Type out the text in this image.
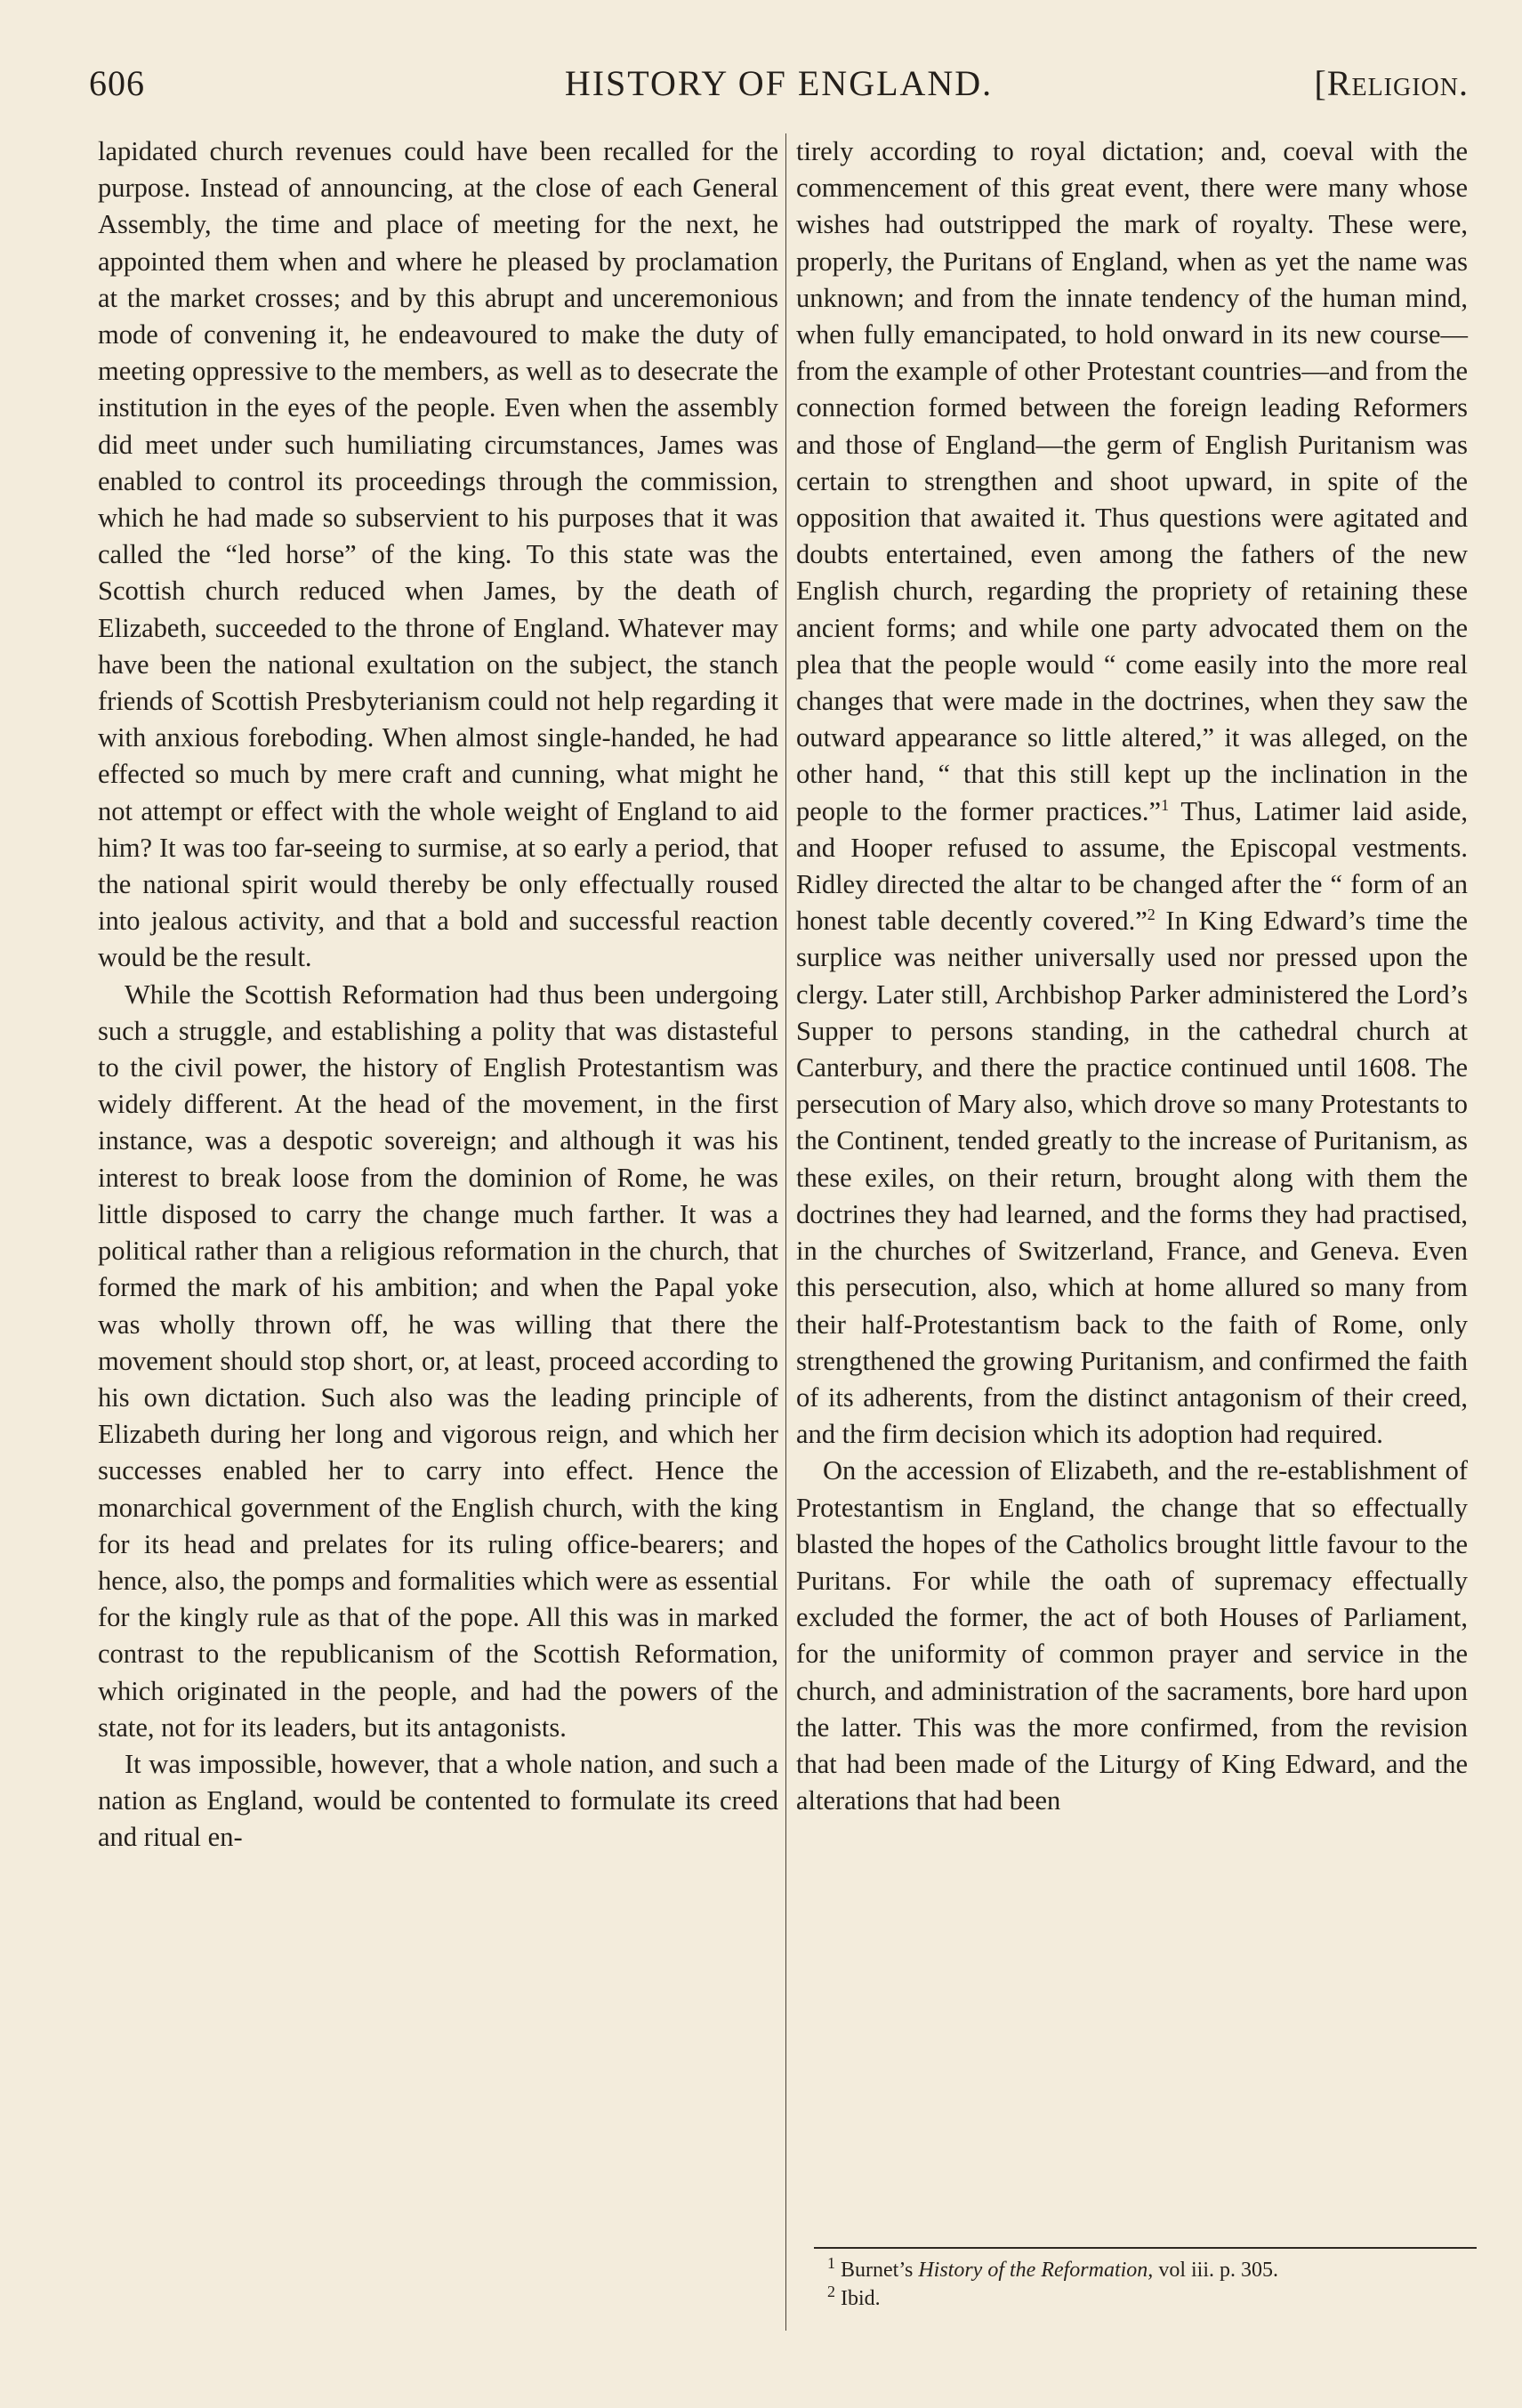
606	HISTORY OF ENGLAND.	[Religion.

lapidated church revenues could have been recalled for the purpose. Instead of announcing, at the close of each General Assembly, the time and place of meeting for the next, he appointed them when and where he pleased by proclamation at the market crosses; and by this abrupt and unceremonious mode of convening it, he endeavoured to make the duty of meeting oppressive to the members, as well as to desecrate the institution in the eyes of the people. Even when the assembly did meet under such humiliating circumstances, James was enabled to control its proceedings through the commission, which he had made so subservient to his purposes that it was called the “led horse” of the king. To this state was the Scottish church reduced when James, by the death of Elizabeth, succeeded to the throne of England. Whatever may have been the national exultation on the subject, the stanch friends of Scottish Presbyterianism could not help regarding it with anxious foreboding. When almost single-handed, he had effected so much by mere craft and cunning, what might he not attempt or effect with the whole weight of England to aid him? It was too far-seeing to surmise, at so early a period, that the national spirit would thereby be only effectually roused into jealous activity, and that a bold and successful reaction would be the result.

While the Scottish Reformation had thus been undergoing such a struggle, and establishing a polity that was distasteful to the civil power, the history of English Protestantism was widely different. At the head of the movement, in the first instance, was a despotic sovereign; and although it was his interest to break loose from the dominion of Rome, he was little disposed to carry the change much farther. It was a political rather than a religious reformation in the church, that formed the mark of his ambition; and when the Papal yoke was wholly thrown off, he was willing that there the movement should stop short, or, at least, proceed according to his own dictation. Such also was the leading principle of Elizabeth during her long and vigorous reign, and which her successes enabled her to carry into effect. Hence the monarchical government of the English church, with the king for its head and prelates for its ruling office-bearers; and hence, also, the pomps and formalities which were as essential for the kingly rule as that of the pope. All this was in marked contrast to the republicanism of the Scottish Reformation, which originated in the people, and had the powers of the state, not for its leaders, but its antagonists.

It was impossible, however, that a whole nation, and such a nation as England, would be contented to formulate its creed and ritual en-

tirely according to royal dictation; and, coeval with the commencement of this great event, there were many whose wishes had outstripped the mark of royalty. These were, properly, the Puritans of England, when as yet the name was unknown; and from the innate tendency of the human mind, when fully emancipated, to hold onward in its new course—from the example of other Protestant countries—and from the connection formed between the foreign leading Reformers and those of England—the germ of English Puritanism was certain to strengthen and shoot upward, in spite of the opposition that awaited it. Thus questions were agitated and doubts entertained, even among the fathers of the new English church, regarding the propriety of retaining these ancient forms; and while one party advocated them on the plea that the people would “ come easily into the more real changes that were made in the doctrines, when they saw the outward appearance so little altered,” it was alleged, on the other hand, “ that this still kept up the inclination in the people to the former practices.”$^1$ Thus, Latimer laid aside, and Hooper refused to assume, the Episcopal vestments. Ridley directed the altar to be changed after the “ form of an honest table decently covered.”$^2$ In King Edward’s time the surplice was neither universally used nor pressed upon the clergy. Later still, Archbishop Parker administered the Lord’s Supper to persons standing, in the cathedral church at Canterbury, and there the practice continued until 1608. The persecution of Mary also, which drove so many Protestants to the Continent, tended greatly to the increase of Puritanism, as these exiles, on their return, brought along with them the doctrines they had learned, and the forms they had practised, in the churches of Switzerland, France, and Geneva. Even this persecution, also, which at home allured so many from their half-Protestantism back to the faith of Rome, only strengthened the growing Puritanism, and confirmed the faith of its adherents, from the distinct antagonism of their creed, and the firm decision which its adoption had required.

On the accession of Elizabeth, and the re-establishment of Protestantism in England, the change that so effectually blasted the hopes of the Catholics brought little favour to the Puritans. For while the oath of supremacy effectually excluded the former, the act of both Houses of Parliament, for the uniformity of common prayer and service in the church, and administration of the sacraments, bore hard upon the latter. This was the more confirmed, from the revision that had been made of the Liturgy of King Edward, and the alterations that had been

$^1$ Burnet’s History of the Reformation, vol iii. p. 305.
$^2$ Ibid.
